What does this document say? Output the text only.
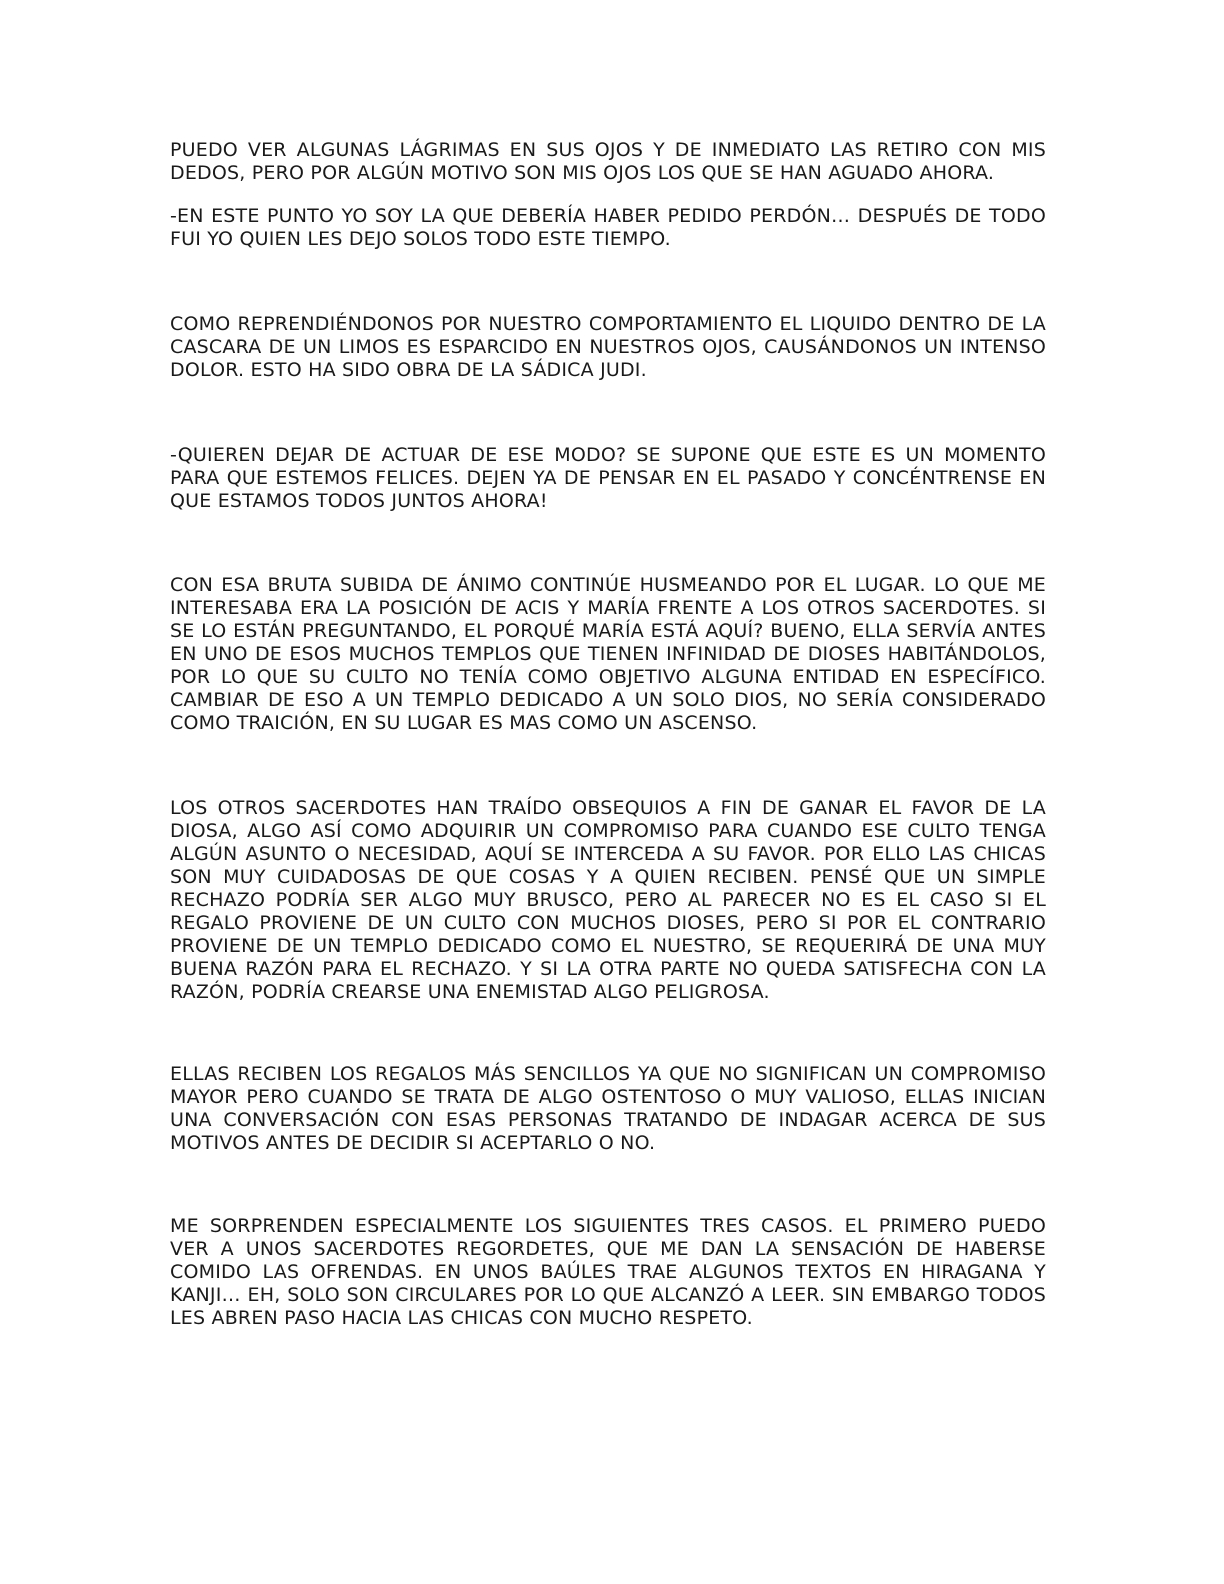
PUEDO VER ALGUNAS LÁGRIMAS EN SUS OJOS Y DE INMEDIATO LAS RETIRO CON MIS DEDOS, PERO POR ALGÚN MOTIVO SON MIS OJOS LOS QUE SE HAN AGUADO AHORA.

-EN ESTE PUNTO YO SOY LA QUE DEBERÍA HABER PEDIDO PERDÓN… DESPUÉS DE TODO FUI YO QUIEN LES DEJO SOLOS TODO ESTE TIEMPO.

COMO REPRENDIÉNDONOS POR NUESTRO COMPORTAMIENTO EL LIQUIDO DENTRO DE LA CASCARA DE UN LIMOS ES ESPARCIDO EN NUESTROS OJOS, CAUSÁNDONOS UN INTENSO DOLOR. ESTO HA SIDO OBRA DE LA SÁDICA JUDI.

-QUIEREN DEJAR DE ACTUAR DE ESE MODO? SE SUPONE QUE ESTE ES UN MOMENTO PARA QUE ESTEMOS FELICES. DEJEN YA DE PENSAR EN EL PASADO Y CONCÉNTRENSE EN QUE ESTAMOS TODOS JUNTOS AHORA!

CON ESA BRUTA SUBIDA DE ÁNIMO CONTINÚE HUSMEANDO POR EL LUGAR. LO QUE ME INTERESABA ERA LA POSICIÓN DE ACIS Y MARÍA FRENTE A LOS OTROS SACERDOTES. SI SE LO ESTÁN PREGUNTANDO, EL PORQUÉ MARÍA ESTÁ AQUÍ? BUENO, ELLA SERVÍA ANTES EN UNO DE ESOS MUCHOS TEMPLOS QUE TIENEN INFINIDAD DE DIOSES HABITÁNDOLOS, POR LO QUE SU CULTO NO TENÍA COMO OBJETIVO ALGUNA ENTIDAD EN ESPECÍFICO. CAMBIAR DE ESO A UN TEMPLO DEDICADO A UN SOLO DIOS, NO SERÍA CONSIDERADO COMO TRAICIÓN, EN SU LUGAR ES MAS COMO UN ASCENSO.

LOS OTROS SACERDOTES HAN TRAÍDO OBSEQUIOS A FIN DE GANAR EL FAVOR DE LA DIOSA, ALGO ASÍ COMO ADQUIRIR UN COMPROMISO PARA CUANDO ESE CULTO TENGA ALGÚN ASUNTO O NECESIDAD, AQUÍ SE INTERCEDA A SU FAVOR. POR ELLO LAS CHICAS SON MUY CUIDADOSAS DE QUE COSAS Y A QUIEN RECIBEN. PENSÉ QUE UN SIMPLE RECHAZO PODRÍA SER ALGO MUY BRUSCO, PERO AL PARECER NO ES EL CASO SI EL REGALO PROVIENE DE UN CULTO CON MUCHOS DIOSES, PERO SI POR EL CONTRARIO PROVIENE DE UN TEMPLO DEDICADO COMO EL NUESTRO, SE REQUERIRÁ DE UNA MUY BUENA RAZÓN PARA EL RECHAZO. Y SI LA OTRA PARTE NO QUEDA SATISFECHA CON LA RAZÓN, PODRÍA CREARSE UNA ENEMISTAD ALGO PELIGROSA.

ELLAS RECIBEN LOS REGALOS MÁS SENCILLOS YA QUE NO SIGNIFICAN UN COMPROMISO MAYOR PERO CUANDO SE TRATA DE ALGO OSTENTOSO O MUY VALIOSO, ELLAS INICIAN UNA CONVERSACIÓN CON ESAS PERSONAS TRATANDO DE INDAGAR ACERCA DE SUS MOTIVOS ANTES DE DECIDIR SI ACEPTARLO O NO.

ME SORPRENDEN ESPECIALMENTE LOS SIGUIENTES TRES CASOS. EL PRIMERO PUEDO VER A UNOS SACERDOTES REGORDETES, QUE ME DAN LA SENSACIÓN DE HABERSE COMIDO LAS OFRENDAS. EN UNOS BAÚLES TRAE ALGUNOS TEXTOS EN HIRAGANA Y KANJI… EH, SOLO SON CIRCULARES POR LO QUE ALCANZÓ A LEER. SIN EMBARGO TODOS LES ABREN PASO HACIA LAS CHICAS CON MUCHO RESPETO.
